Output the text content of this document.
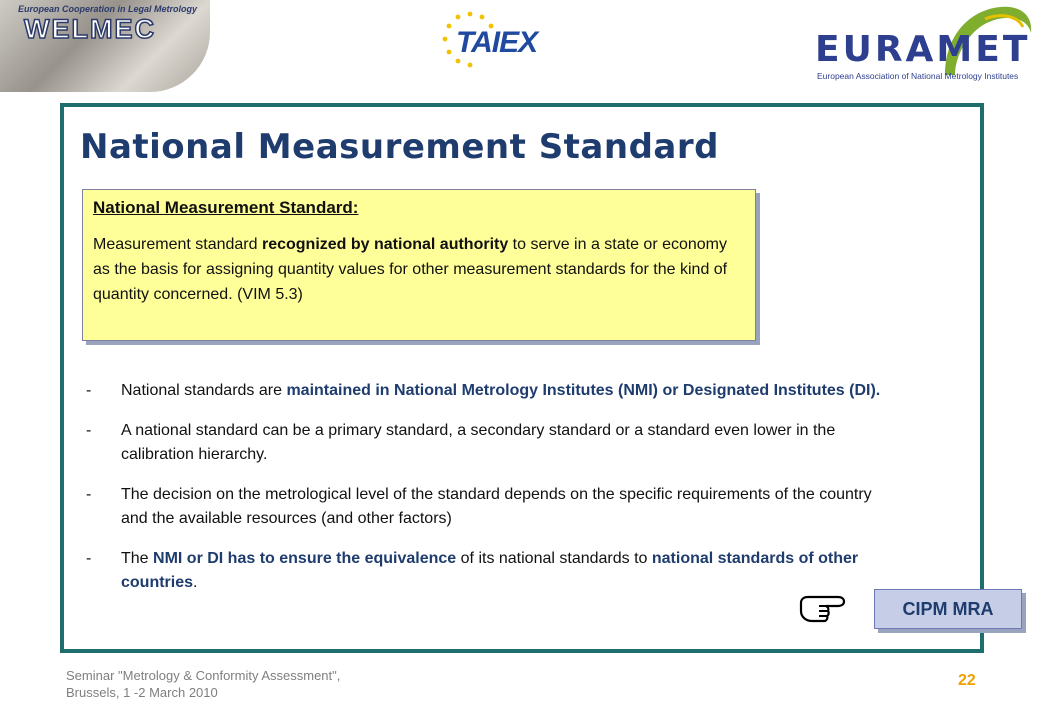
European Cooperation in Legal Metrology
WELMEC	TAIEX	EURAMET
European Association of National Metrology Institutes
National Measurement Standard

National Measurement Standard:

Measurement standard recognized by national authority to serve in a state or economy as the basis for assigning quantity values for other measurement standards for the kind of quantity concerned. (VIM 5.3)

- National standards are maintained in National Metrology Institutes (NMI) or Designated Institutes (DI).
- A national standard can be a primary standard, a secondary standard or a standard even lower in the calibration hierarchy.
- The decision on the metrological level of the standard depends on the specific requirements of the country and the available resources (and other factors)
- The NMI or DI has to ensure the equivalence of its national standards to national standards of other countries.
CIPM MRA
Seminar "Metrology & Conformity Assessment",
Brussels, 1 -2 March 2010
22
